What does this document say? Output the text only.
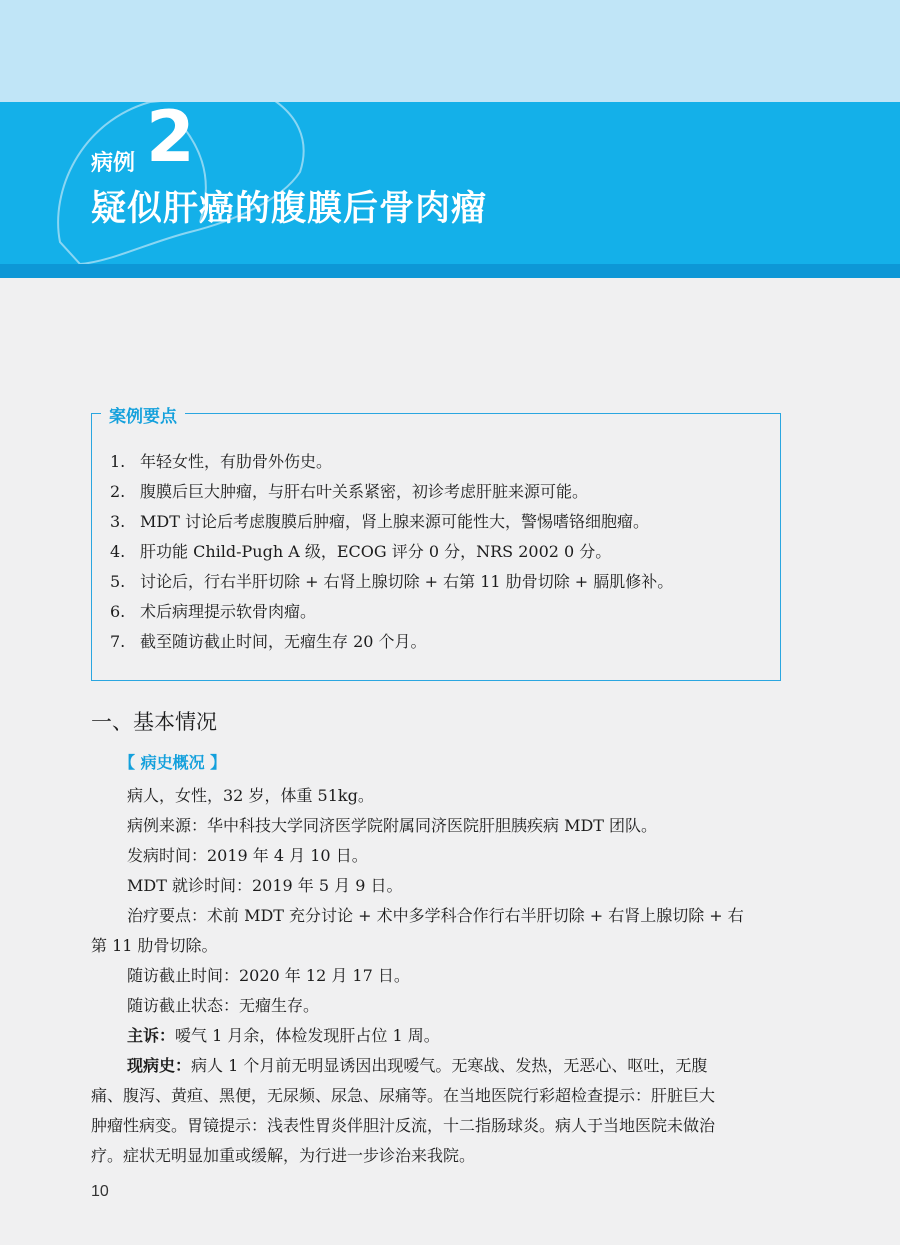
病例 2
疑似肝癌的腹膜后骨肉瘤
案例要点
1. 年轻女性，有肋骨外伤史。
2. 腹膜后巨大肿瘤，与肝右叶关系紧密，初诊考虑肝脏来源可能。
3. MDT 讨论后考虑腹膜后肿瘤，肾上腺来源可能性大，警惕嗜铬细胞瘤。
4. 肝功能 Child-Pugh A 级，ECOG 评分 0 分，NRS 2002 0 分。
5. 讨论后，行右半肝切除 + 右肾上腺切除 + 右第 11 肋骨切除 + 膈肌修补。
6. 术后病理提示软骨肉瘤。
7. 截至随访截止时间，无瘤生存 20 个月。
一、基本情况
【 病史概况 】
病人，女性，32 岁，体重 51kg。
病例来源：华中科技大学同济医学院附属同济医院肝胆胰疾病 MDT 团队。
发病时间：2019 年 4 月 10 日。
MDT 就诊时间：2019 年 5 月 9 日。
治疗要点：术前 MDT 充分讨论 + 术中多学科合作行右半肝切除 + 右肾上腺切除 + 右
第 11 肋骨切除。
随访截止时间：2020 年 12 月 17 日。
随访截止状态：无瘤生存。
主诉：嗳气 1 月余，体检发现肝占位 1 周。
现病史：病人 1 个月前无明显诱因出现嗳气。无寒战、发热，无恶心、呕吐，无腹
痛、腹泻、黄疸、黑便，无尿频、尿急、尿痛等。在当地医院行彩超检查提示：肝脏巨大
肿瘤性病变。胃镜提示：浅表性胃炎伴胆汁反流，十二指肠球炎。病人于当地医院未做治
疗。症状无明显加重或缓解，为行进一步诊治来我院。
10
